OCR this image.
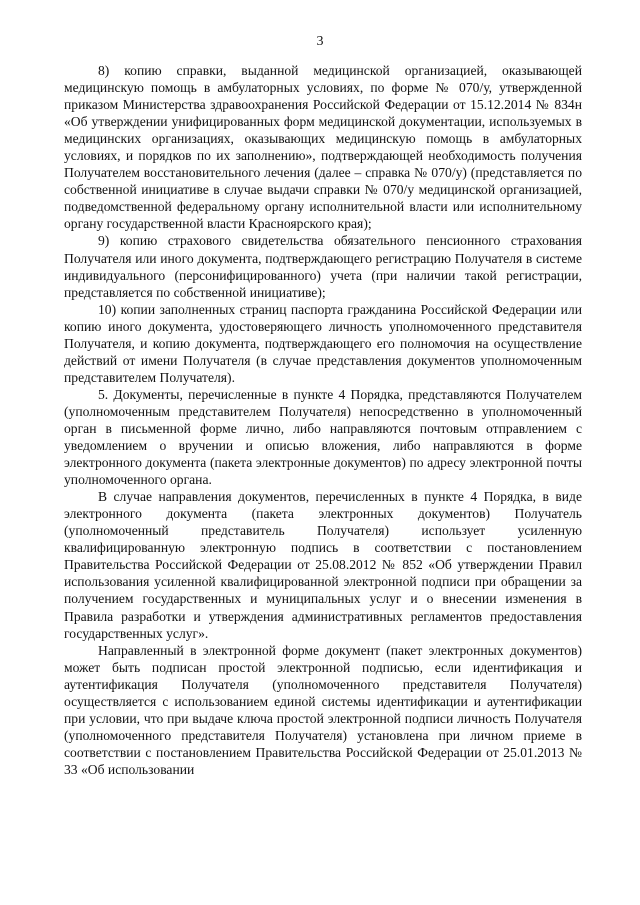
3

8) копию справки, выданной медицинской организацией, оказывающей медицинскую помощь в амбулаторных условиях, по форме № 070/у, утвержденной приказом Министерства здравоохранения Российской Федерации от 15.12.2014 № 834н «Об утверждении унифицированных форм медицинской документации, используемых в медицинских организациях, оказывающих медицинскую помощь в амбулаторных условиях, и порядков по их заполнению», подтверждающей необходимость получения Получателем восстановительного лечения (далее – справка № 070/у) (представляется по собственной инициативе в случае выдачи справки № 070/у медицинской организацией, подведомственной федеральному органу исполнительной власти или исполнительному органу государственной власти Красноярского края);

9) копию страхового свидетельства обязательного пенсионного страхования Получателя или иного документа, подтверждающего регистрацию Получателя в системе индивидуального (персонифицированного) учета (при наличии такой регистрации, представляется по собственной инициативе);

10) копии заполненных страниц паспорта гражданина Российской Федерации или копию иного документа, удостоверяющего личность уполномоченного представителя Получателя, и копию документа, подтверждающего его полномочия на осуществление действий от имени Получателя (в случае представления документов уполномоченным представителем Получателя).

5. Документы, перечисленные в пункте 4 Порядка, представляются Получателем (уполномоченным представителем Получателя) непосредственно в уполномоченный орган в письменной форме лично, либо направляются почтовым отправлением с уведомлением о вручении и описью вложения, либо направляются в форме электронного документа (пакета электронные документов) по адресу электронной почты уполномоченного органа.

В случае направления документов, перечисленных в пункте 4 Порядка, в виде электронного документа (пакета электронных документов) Получатель (уполномоченный представитель Получателя) использует усиленную квалифицированную электронную подпись в соответствии с постановлением Правительства Российской Федерации от 25.08.2012 № 852 «Об утверждении Правил использования усиленной квалифицированной электронной подписи при обращении за получением государственных и муниципальных услуг и о внесении изменения в Правила разработки и утверждения административных регламентов предоставления государственных услуг».

Направленный в электронной форме документ (пакет электронных документов) может быть подписан простой электронной подписью, если идентификация и аутентификация Получателя (уполномоченного представителя Получателя) осуществляется с использованием единой системы идентификации и аутентификации при условии, что при выдаче ключа простой электронной подписи личность Получателя (уполномоченного представителя Получателя) установлена при личном приеме в соответствии с постановлением Правительства Российской Федерации от 25.01.2013 № 33 «Об использовании
